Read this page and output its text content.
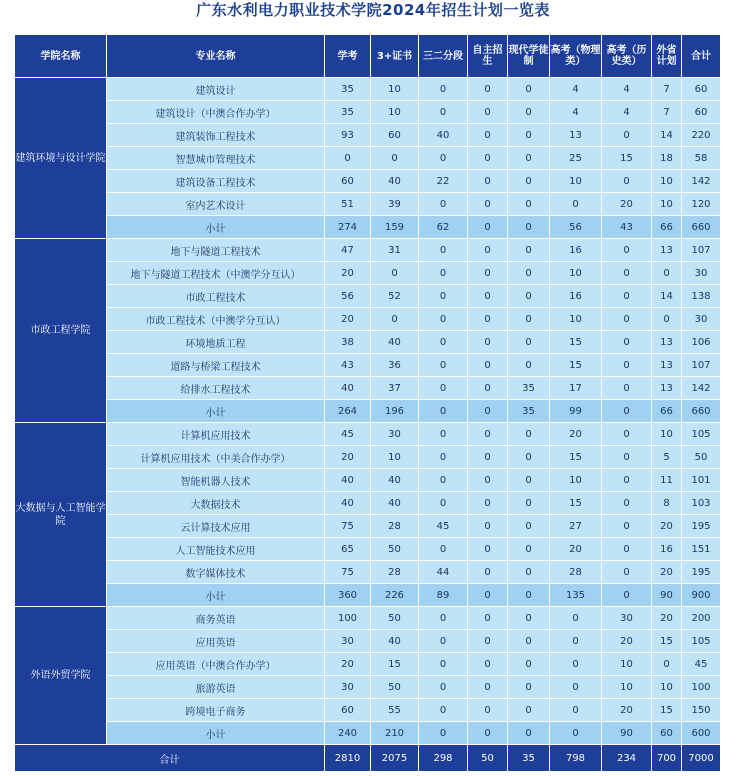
广东水利电力职业技术学院2024年招生计划一览表
学院名称	专业名称	学考	3+证书	三二分段	自主招生	现代学徒制	高考（物理类）	高考（历史类）	外省计划	合计
建筑环境与设计学院	建筑设计	35	10	0	0	0	4	4	7	60
	建筑设计（中澳合作办学）	35	10	0	0	0	4	4	7	60
	建筑装饰工程技术	93	60	40	0	0	13	0	14	220
	智慧城市管理技术	0	0	0	0	0	25	15	18	58
	建筑设备工程技术	60	40	22	0	0	10	0	10	142
	室内艺术设计	51	39	0	0	0	0	20	10	120
	小计	274	159	62	0	0	56	43	66	660
市政工程学院	地下与隧道工程技术	47	31	0	0	0	16	0	13	107
	地下与隧道工程技术（中澳学分互认）	20	0	0	0	0	10	0	0	30
	市政工程技术	56	52	0	0	0	16	0	14	138
	市政工程技术（中澳学分互认）	20	0	0	0	0	10	0	0	30
	环境地质工程	38	40	0	0	0	15	0	13	106
	道路与桥梁工程技术	43	36	0	0	0	15	0	13	107
	给排水工程技术	40	37	0	0	35	17	0	13	142
	小计	264	196	0	0	35	99	0	66	660
大数据与人工智能学院	计算机应用技术	45	30	0	0	0	20	0	10	105
	计算机应用技术（中美合作办学）	20	10	0	0	0	15	0	5	50
	智能机器人技术	40	40	0	0	0	10	0	11	101
	大数据技术	40	40	0	0	0	15	0	8	103
	云计算技术应用	75	28	45	0	0	27	0	20	195
	人工智能技术应用	65	50	0	0	0	20	0	16	151
	数字媒体技术	75	28	44	0	0	28	0	20	195
	小计	360	226	89	0	0	135	0	90	900
外语外贸学院	商务英语	100	50	0	0	0	0	30	20	200
	应用英语	30	40	0	0	0	0	20	15	105
	应用英语（中澳合作办学）	20	15	0	0	0	0	10	0	45
	旅游英语	30	50	0	0	0	0	10	10	100
	跨境电子商务	60	55	0	0	0	0	20	15	150
	小计	240	210	0	0	0	0	90	60	600
合计		2810	2075	298	50	35	798	234	700	7000
